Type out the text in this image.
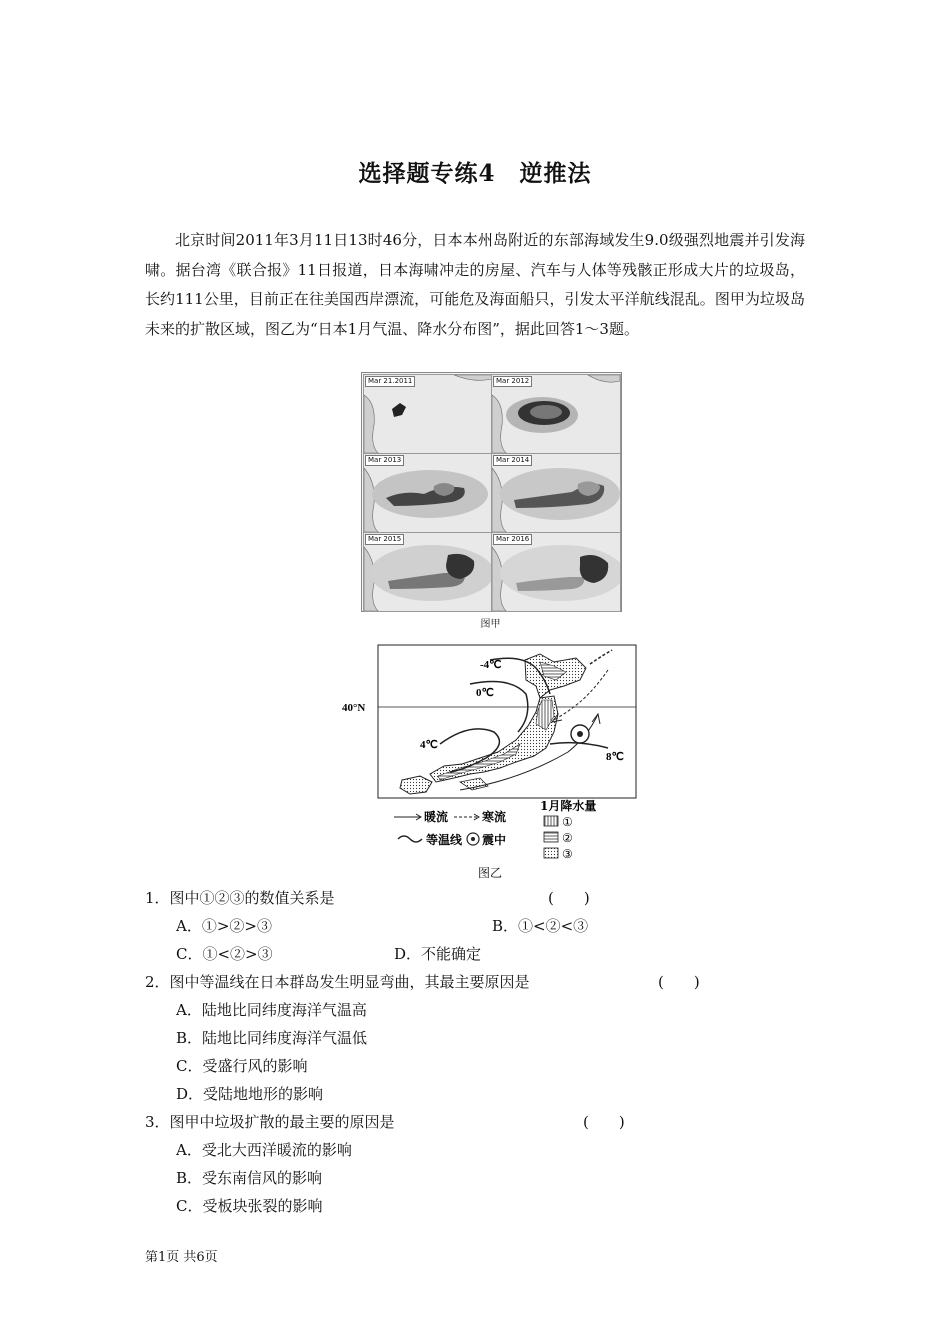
选择题专练4　逆推法

北京时间2011年3月11日13时46分，日本本州岛附近的东部海域发生9.0级强烈地震并引发海啸。据台湾《联合报》11日报道，日本海啸冲走的房屋、汽车与人体等残骸正形成大片的垃圾岛，长约111公里，目前正在往美国西岸漂流，可能危及海面船只，引发太平洋航线混乱。图甲为垃圾岛未来的扩散区域，图乙为“日本1月气温、降水分布图”，据此回答1～3题。

Mar 21.2011	Mar 2012
Mar 2013	Mar 2014
Mar 2015	Mar 2016
图甲
40°N
-4℃
0℃
4℃
8℃
暖流	寒流
等温线 震中
1月降水量
①
②
③
图乙

1．图中①②③的数值关系是	(　　)

A．①>②>③	B．①<②<③

C．①<②>③	D．不能确定

2．图中等温线在日本群岛发生明显弯曲，其最主要原因是	(　　)

A．陆地比同纬度海洋气温高

B．陆地比同纬度海洋气温低

C．受盛行风的影响

D．受陆地地形的影响

3．图甲中垃圾扩散的最主要的原因是	(　　)

A．受北大西洋暖流的影响

B．受东南信风的影响

C．受板块张裂的影响

第1页 共6页
